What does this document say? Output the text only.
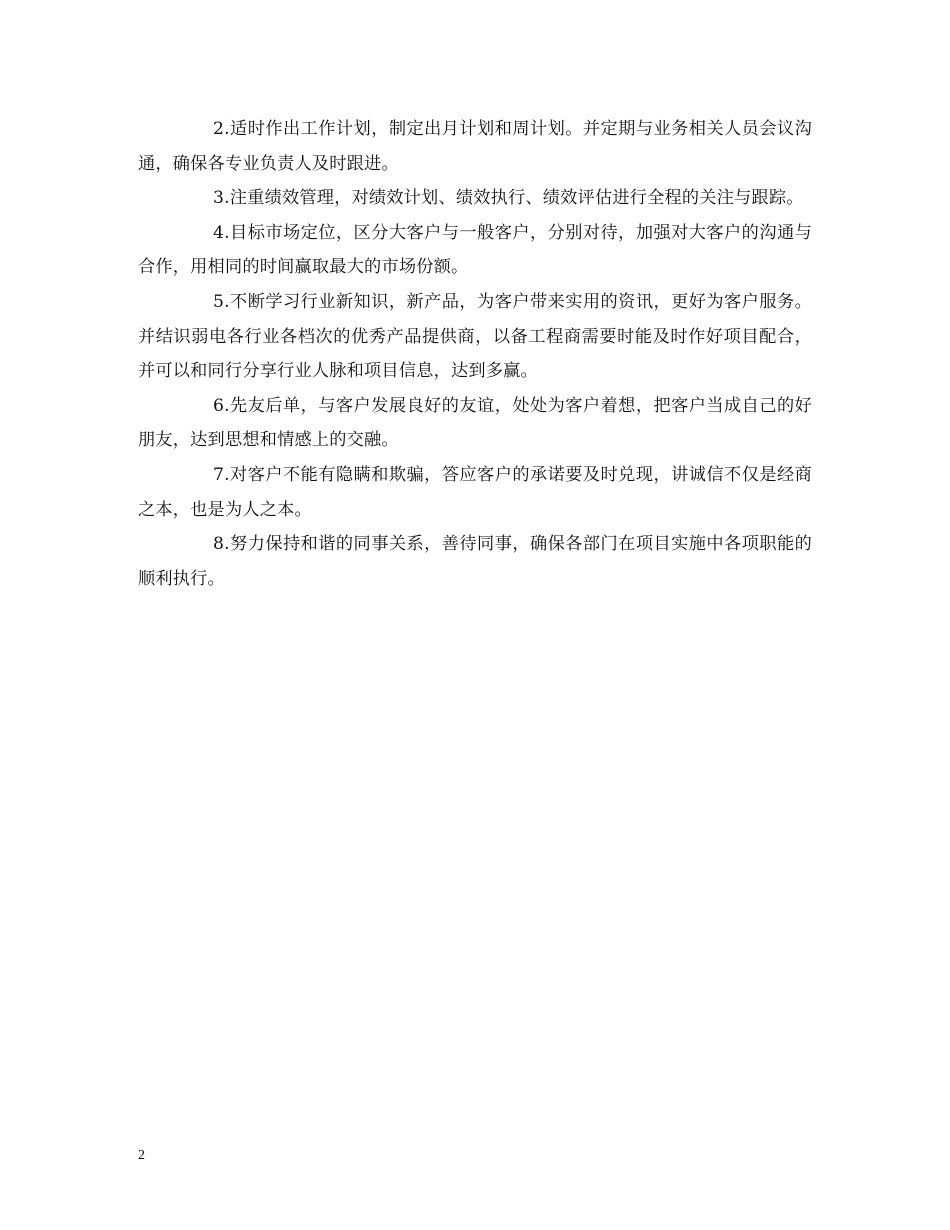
2.适时作出工作计划，制定出月计划和周计划。并定期与业务相关人员会议沟通，确保各专业负责人及时跟进。

3.注重绩效管理，对绩效计划、绩效执行、绩效评估进行全程的关注与跟踪。

4.目标市场定位，区分大客户与一般客户，分别对待，加强对大客户的沟通与合作，用相同的时间赢取最大的市场份额。

5.不断学习行业新知识，新产品，为客户带来实用的资讯，更好为客户服务。并结识弱电各行业各档次的优秀产品提供商，以备工程商需要时能及时作好项目配合，并可以和同行分享行业人脉和项目信息，达到多赢。

6.先友后单，与客户发展良好的友谊，处处为客户着想，把客户当成自己的好朋友，达到思想和情感上的交融。

7.对客户不能有隐瞒和欺骗，答应客户的承诺要及时兑现，讲诚信不仅是经商之本，也是为人之本。

8.努力保持和谐的同事关系，善待同事，确保各部门在项目实施中各项职能的顺利执行。

2
